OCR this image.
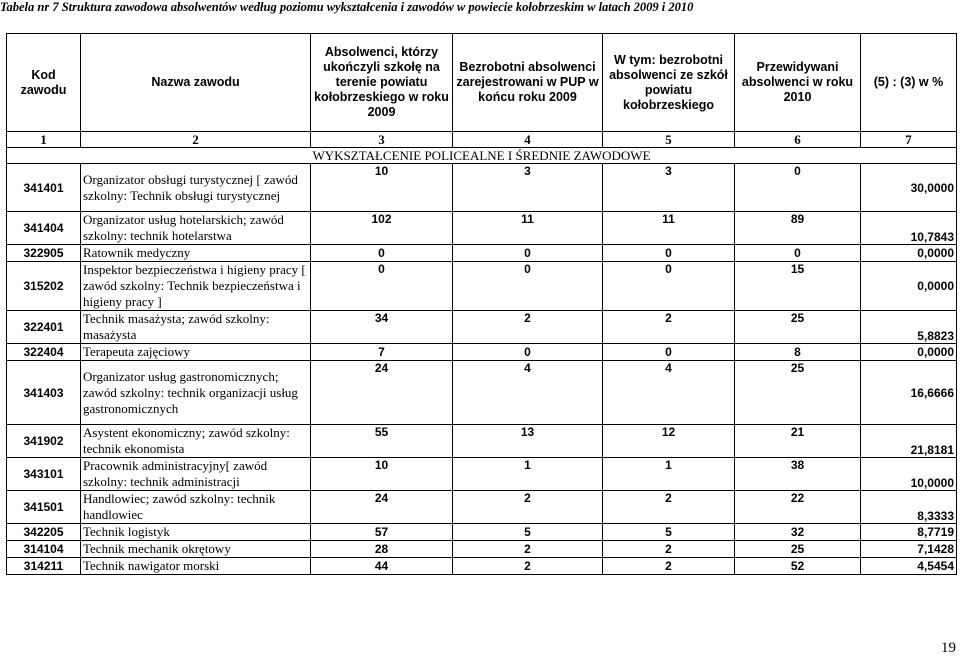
Tabela nr 7 Struktura zawodowa absolwentów według poziomu wykształcenia i zawodów w powiecie kołobrzeskim w latach 2009 i 2010
Kod zawodu	Nazwa zawodu	Absolwenci, którzy ukończyli szkołę na terenie powiatu kołobrzeskiego w roku 2009	Bezrobotni absolwenci zarejestrowani w PUP w końcu roku 2009	W tym: bezrobotni absolwenci ze szkół powiatu kołobrzeskiego	Przewidywani absolwenci w roku 2010	(5) : (3) w %
1	2	3	4	5	6	7
WYKSZTAŁCENIE POLICEALNE I ŚREDNIE ZAWODOWE						
341401	Organizator obsługi turystycznej [ zawód szkolny: Technik obsługi turystycznej	10	3	3	0	30,0000
341404	Organizator usług hotelarskich; zawód szkolny: technik hotelarstwa	102	11	11	89	10,7843
322905	Ratownik medyczny	0	0	0	0	0,0000
315202	Inspektor bezpieczeństwa i higieny pracy [ zawód szkolny: Technik bezpieczeństwa i higieny pracy ]	0	0	0	15	0,0000
322401	Technik masażysta; zawód szkolny: masażysta	34	2	2	25	5,8823
322404	Terapeuta zajęciowy	7	0	0	8	0,0000
341403	Organizator usług gastronomicznych; zawód szkolny: technik organizacji usług gastronomicznych	24	4	4	25	16,6666
341902	Asystent ekonomiczny; zawód szkolny: technik ekonomista	55	13	12	21	21,8181
343101	Pracownik administracyjny[ zawód szkolny: technik administracji	10	1	1	38	10,0000
341501	Handlowiec; zawód szkolny: technik handlowiec	24	2	2	22	8,3333
342205	Technik logistyk	57	5	5	32	8,7719
314104	Technik mechanik okrętowy	28	2	2	25	7,1428
314211	Technik nawigator morski	44	2	2	52	4,5454
19
